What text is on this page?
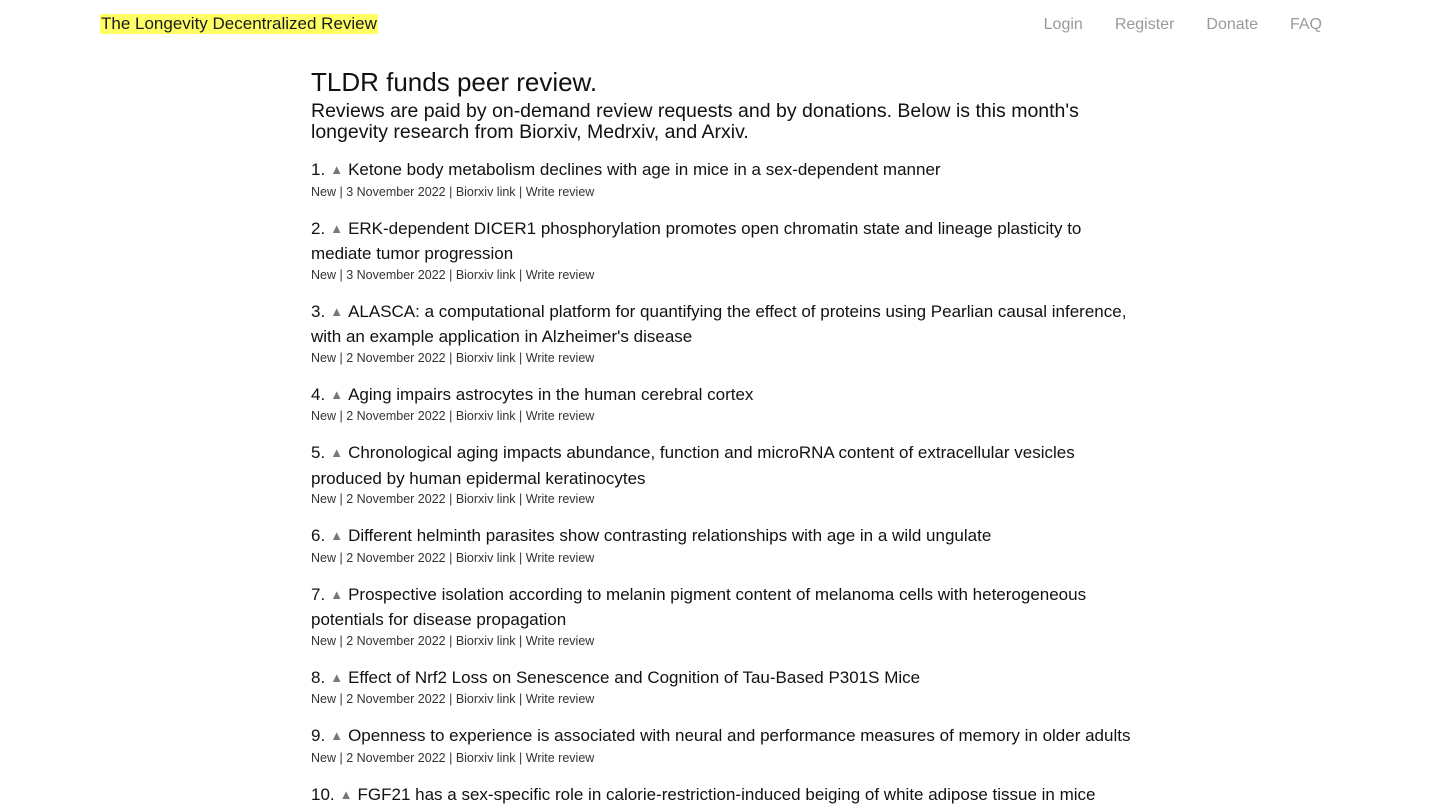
The Longevity Decentralized Review	Login Register Donate FAQ
TLDR funds peer review.
Reviews are paid by on-demand review requests and by donations. Below is this month's longevity research from Biorxiv, Medrxiv, and Arxiv.
1. ▲ Ketone body metabolism declines with age in mice in a sex-dependent manner
New | 3 November 2022 | Biorxiv link | Write review
2. ▲ ERK-dependent DICER1 phosphorylation promotes open chromatin state and lineage plasticity to mediate tumor progression
New | 3 November 2022 | Biorxiv link | Write review
3. ▲ ALASCA: a computational platform for quantifying the effect of proteins using Pearlian causal inference, with an example application in Alzheimer's disease
New | 2 November 2022 | Biorxiv link | Write review
4. ▲ Aging impairs astrocytes in the human cerebral cortex
New | 2 November 2022 | Biorxiv link | Write review
5. ▲ Chronological aging impacts abundance, function and microRNA content of extracellular vesicles produced by human epidermal keratinocytes
New | 2 November 2022 | Biorxiv link | Write review
6. ▲ Different helminth parasites show contrasting relationships with age in a wild ungulate
New | 2 November 2022 | Biorxiv link | Write review
7. ▲ Prospective isolation according to melanin pigment content of melanoma cells with heterogeneous potentials for disease propagation
New | 2 November 2022 | Biorxiv link | Write review
8. ▲ Effect of Nrf2 Loss on Senescence and Cognition of Tau-Based P301S Mice
New | 2 November 2022 | Biorxiv link | Write review
9. ▲ Openness to experience is associated with neural and performance measures of memory in older adults
New | 2 November 2022 | Biorxiv link | Write review
10. ▲ FGF21 has a sex-specific role in calorie-restriction-induced beiging of white adipose tissue in mice
